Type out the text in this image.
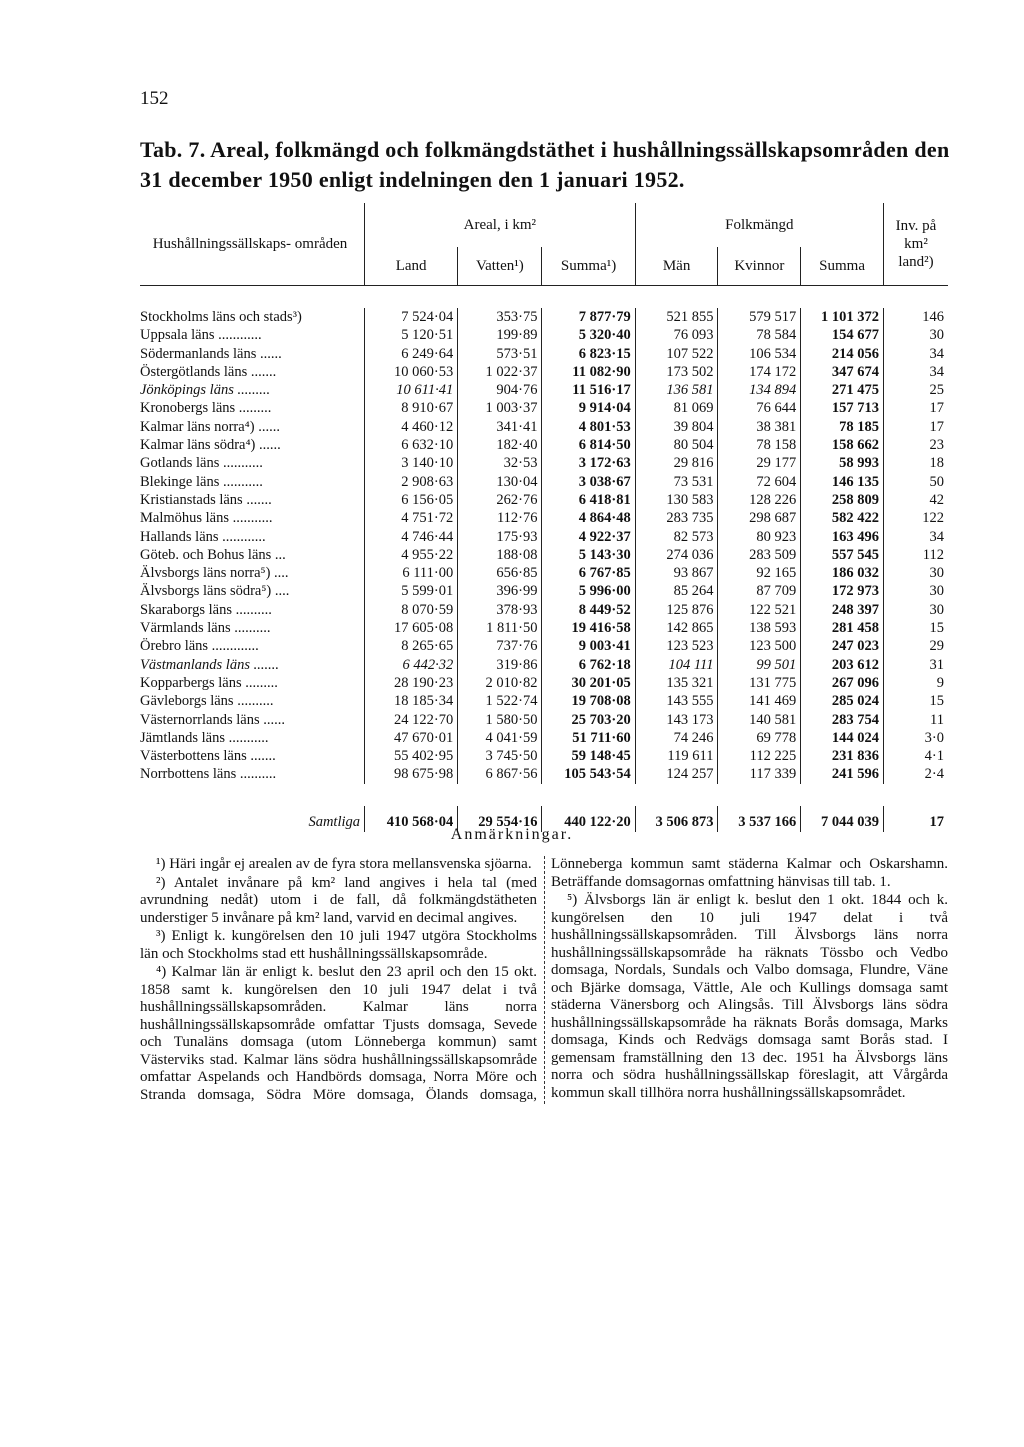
152
Tab. 7. Areal, folkmängd och folkmängdstäthet i hushållningssällskapsområden den 31 december 1950 enligt indelningen den 1 januari 1952.
Hushållningssällskaps- områden	Areal, i km²			Folkmängd			Inv. på km² land²)
	Land	Vatten¹)	Summa¹)	Män	Kvinnor	Summa	

Stockholms läns och stads³)	7 524·04	353·75	7 877·79	521 855	579 517	1 101 372	146
Uppsala läns ............	5 120·51	199·89	5 320·40	76 093	78 584	154 677	30
Södermanlands läns ......	6 249·64	573·51	6 823·15	107 522	106 534	214 056	34
Östergötlands läns .......	10 060·53	1 022·37	11 082·90	173 502	174 172	347 674	34
Jönköpings läns .........	10 611·41	904·76	11 516·17	136 581	134 894	271 475	25
Kronobergs läns .........	8 910·67	1 003·37	9 914·04	81 069	76 644	157 713	17
Kalmar läns norra⁴) ......	4 460·12	341·41	4 801·53	39 804	38 381	78 185	17
Kalmar läns södra⁴) ......	6 632·10	182·40	6 814·50	80 504	78 158	158 662	23
Gotlands läns ...........	3 140·10	32·53	3 172·63	29 816	29 177	58 993	18
Blekinge läns ...........	2 908·63	130·04	3 038·67	73 531	72 604	146 135	50
Kristianstads läns .......	6 156·05	262·76	6 418·81	130 583	128 226	258 809	42
Malmöhus läns ...........	4 751·72	112·76	4 864·48	283 735	298 687	582 422	122
Hallands läns ............	4 746·44	175·93	4 922·37	82 573	80 923	163 496	34
Göteb. och Bohus läns ...	4 955·22	188·08	5 143·30	274 036	283 509	557 545	112
Älvsborgs läns norra⁵) ....	6 111·00	656·85	6 767·85	93 867	92 165	186 032	30
Älvsborgs läns södra⁵) ....	5 599·01	396·99	5 996·00	85 264	87 709	172 973	30
Skaraborgs läns ..........	8 070·59	378·93	8 449·52	125 876	122 521	248 397	30
Värmlands läns ..........	17 605·08	1 811·50	19 416·58	142 865	138 593	281 458	15
Örebro läns .............	8 265·65	737·76	9 003·41	123 523	123 500	247 023	29
Västmanlands läns .......	6 442·32	319·86	6 762·18	104 111	99 501	203 612	31
Kopparbergs läns .........	28 190·23	2 010·82	30 201·05	135 321	131 775	267 096	9
Gävleborgs läns ..........	18 185·34	1 522·74	19 708·08	143 555	141 469	285 024	15
Västernorrlands läns ......	24 122·70	1 580·50	25 703·20	143 173	140 581	283 754	11
Jämtlands läns ...........	47 670·01	4 041·59	51 711·60	74 246	69 778	144 024	3·0
Västerbottens läns .......	55 402·95	3 745·50	59 148·45	119 611	112 225	231 836	4·1
Norrbottens läns ..........	98 675·98	6 867·56	105 543·54	124 257	117 339	241 596	2·4

Samtliga	410 568·04	29 554·16	440 122·20	3 506 873	3 537 166	7 044 039	17
Anmärkningar.

¹) Häri ingår ej arealen av de fyra stora mellansvenska sjöarna.

²) Antalet invånare på km² land angives i hela tal (med avrundning nedåt) utom i de fall, då folkmängdstätheten understiger 5 invånare på km² land, varvid en decimal angives.

³) Enligt k. kungörelsen den 10 juli 1947 utgöra Stockholms län och Stockholms stad ett hushållningssällskapsområde.

⁴) Kalmar län är enligt k. beslut den 23 april och den 15 okt. 1858 samt k. kungörelsen den 10 juli 1947 delat i två hushållningssällskapsområden. Kalmar läns norra hushållningssällskapsområde omfattar Tjusts domsaga, Sevede och Tunaläns domsaga (utom Lönneberga kommun) samt Västerviks stad. Kalmar läns södra hushållningssällskapsområde omfattar Aspelands och Handbörds domsaga, Norra Möre och Stranda domsaga, Södra Möre domsaga, Ölands domsaga, Lönneberga kommun samt städerna Kalmar och Oskarshamn. Beträffande domsagornas omfattning hänvisas till tab. 1.

⁵) Älvsborgs län är enligt k. beslut den 1 okt. 1844 och k. kungörelsen den 10 juli 1947 delat i två hushållningssällskapsområden. Till Älvsborgs läns norra hushållningssällskapsområde ha räknats Tössbo och Vedbo domsaga, Nordals, Sundals och Valbo domsaga, Flundre, Väne och Bjärke domsaga, Vättle, Ale och Kullings domsaga samt städerna Vänersborg och Alingsås. Till Älvsborgs läns södra hushållningssällskapsområde ha räknats Borås domsaga, Marks domsaga, Kinds och Redvägs domsaga samt Borås stad. I gemensam framställning den 13 dec. 1951 ha Älvsborgs läns norra och södra hushållningssällskap föreslagit, att Vårgårda kommun skall tillhöra norra hushållningssällskapsområdet.
